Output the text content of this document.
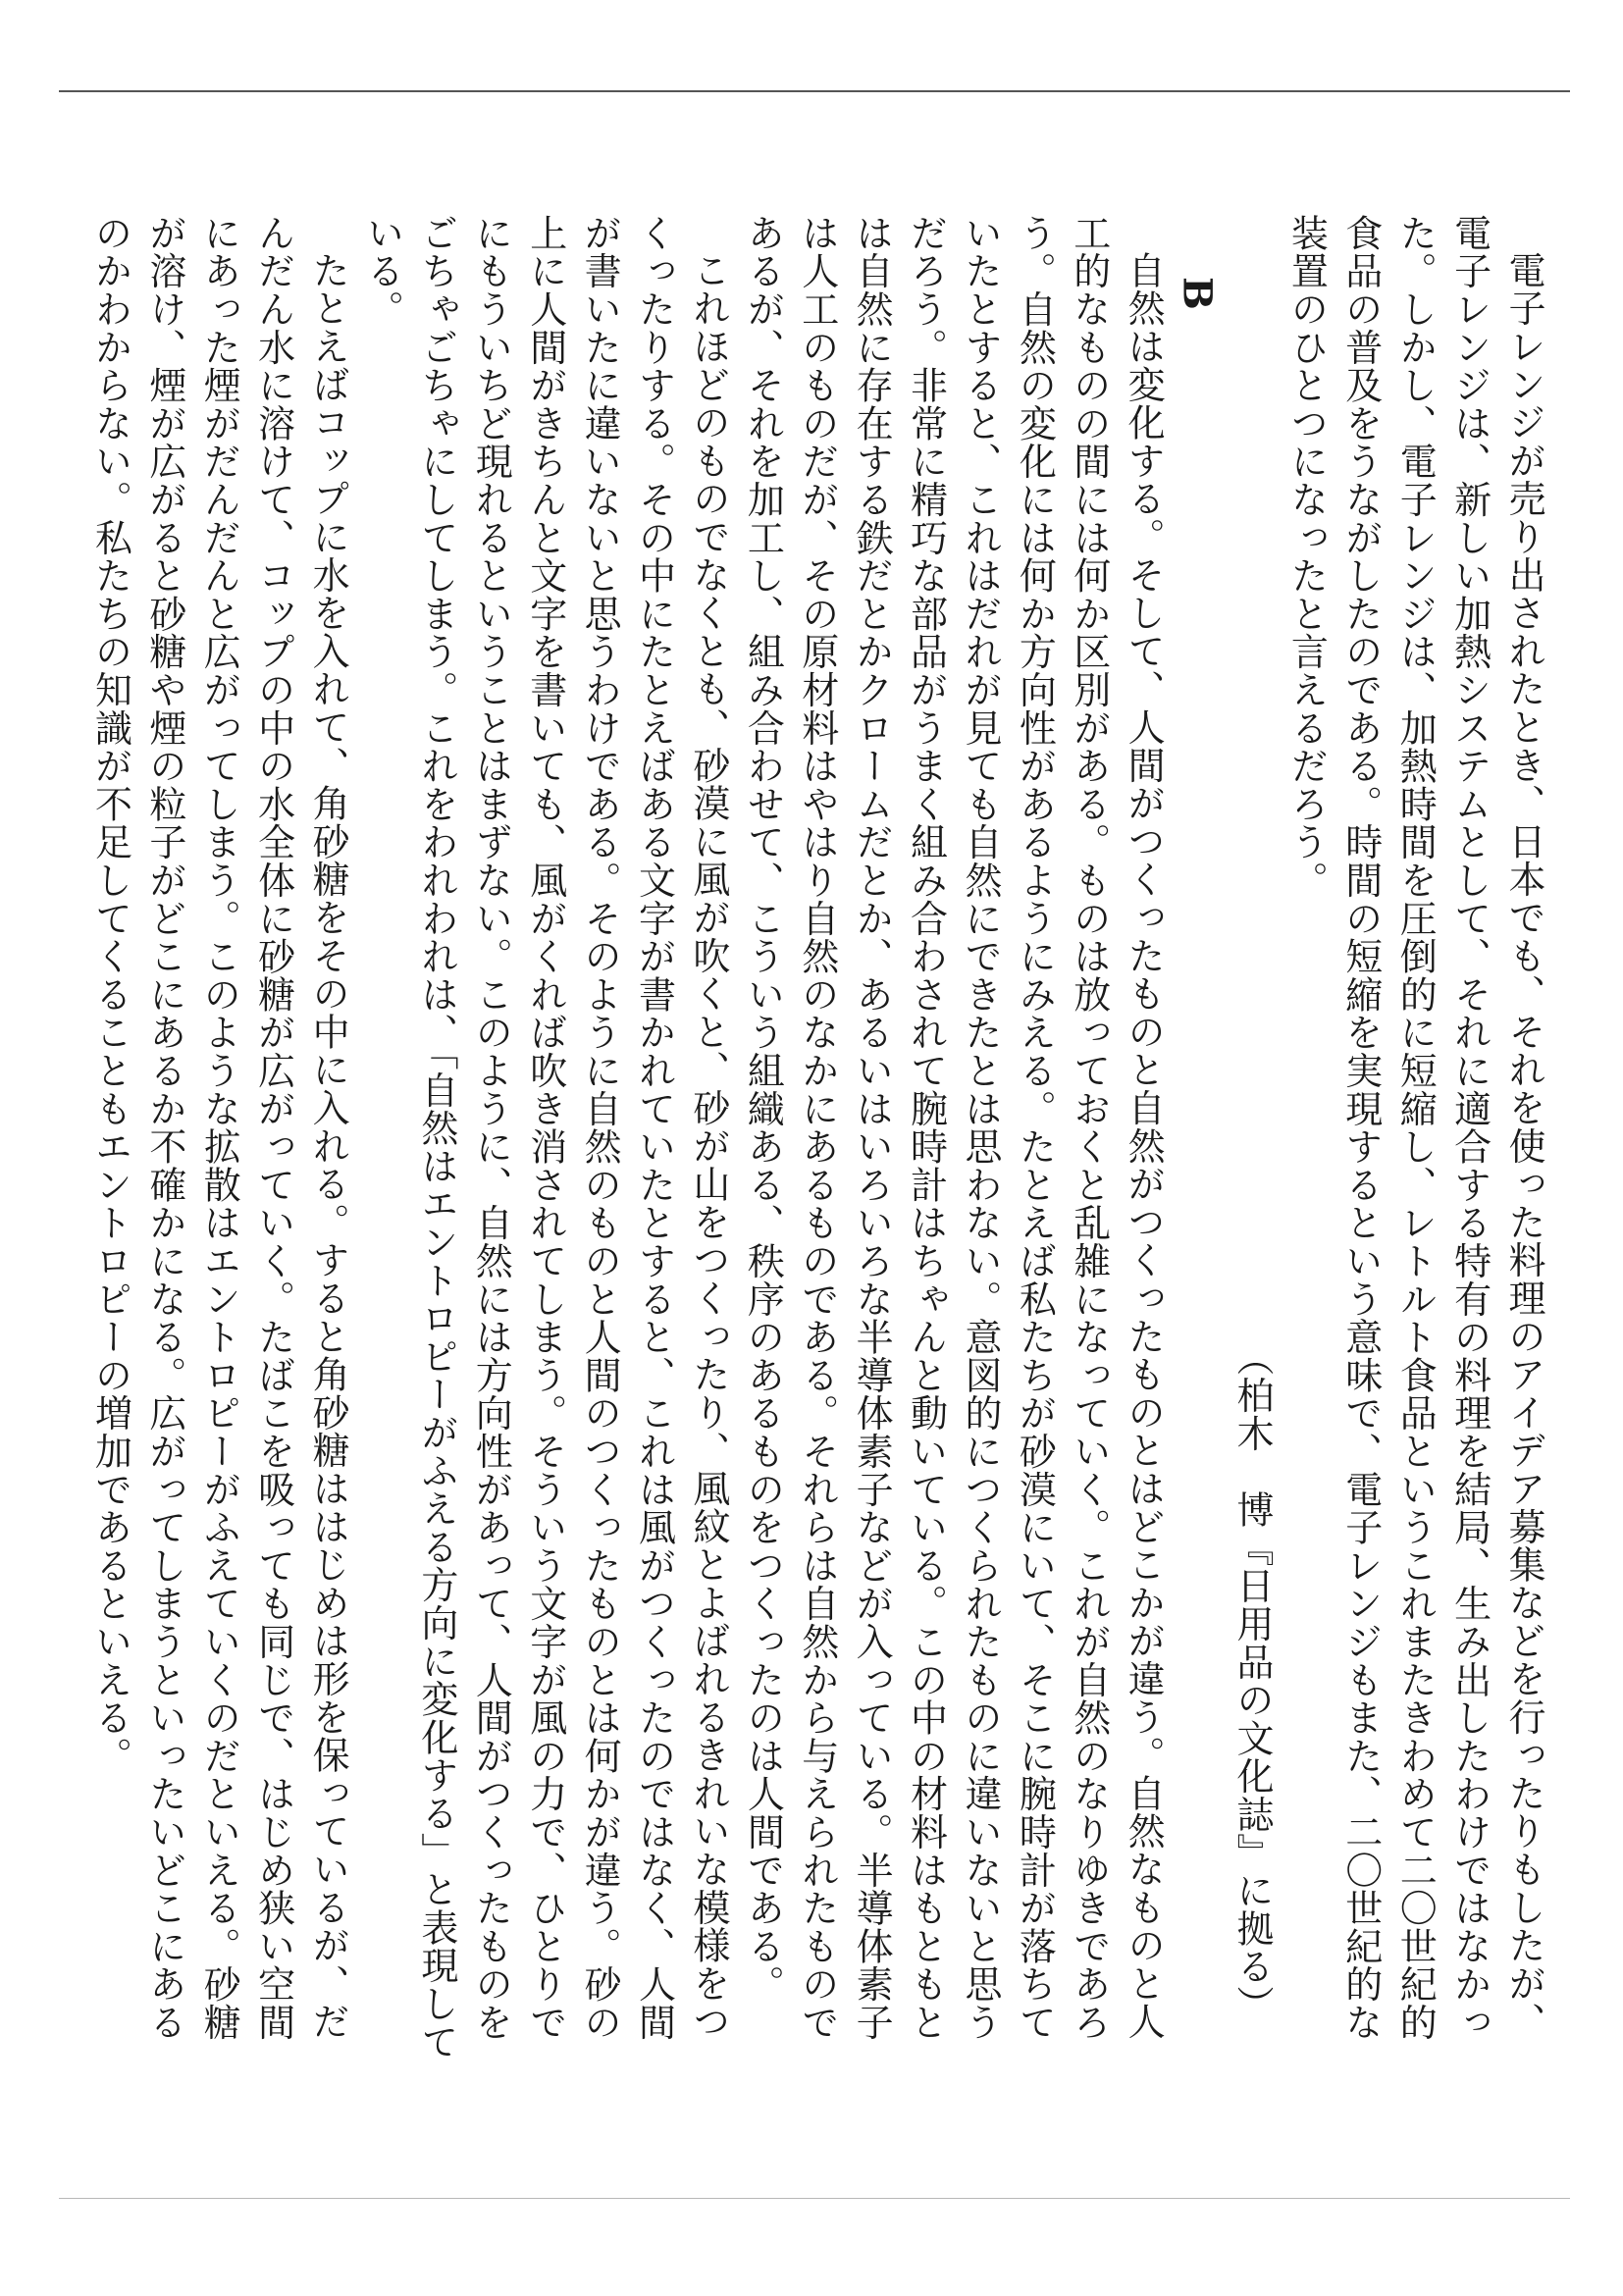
電子レンジが売り出されたとき、日本でも、それを使った料理のアイデア募集などを行ったりもしたが、電子レンジは、新しい加熱システムとして、それに適合する特有の料理を結局、生み出したわけではなかった。しかし、電子レンジは、加熱時間を圧倒的に短縮し、レトルト食品というこれまたきわめて二〇世紀的食品の普及をうながしたのである。時間の短縮を実現するという意味で、電子レンジもまた、二〇世紀的な装置のひとつになったと言えるだろう。

（柏木　博『日用品の文化誌』に拠る）

B

自然は変化する。そして、人間がつくったものと自然がつくったものとはどこかが違う。自然なものと人工的なものの間には何か区別がある。ものは放っておくと乱雑になっていく。これが自然のなりゆきであろう。自然の変化には何か方向性があるようにみえる。たとえば私たちが砂漠にいて、そこに腕時計が落ちていたとすると、これはだれが見ても自然にできたとは思わない。意図的につくられたものに違いないと思うだろう。非常に精巧な部品がうまく組み合わされて腕時計はちゃんと動いている。この中の材料はもともとは自然に存在する鉄だとかクロームだとか、あるいはいろいろな半導体素子などが入っている。半導体素子は人工のものだが、その原材料はやはり自然のなかにあるものである。それらは自然から与えられたものであるが、それを加工し、組み合わせて、こういう組織ある、秩序のあるものをつくったのは人間である。

これほどのものでなくとも、砂漠に風が吹くと、砂が山をつくったり、風紋とよばれるきれいな模様をつくったりする。その中にたとえばある文字が書かれていたとすると、これは風がつくったのではなく、人間が書いたに違いないと思うわけである。そのように自然のものと人間のつくったものとは何かが違う。砂の上に人間がきちんと文字を書いても、風がくれば吹き消されてしまう。そういう文字が風の力で、ひとりでにもういちど現れるということはまずない。このように、自然には方向性があって、人間がつくったものをごちゃごちゃにしてしまう。これをわれわれは、「自然はエントロピーがふえる方向に変化する」と表現している。

たとえばコップに水を入れて、角砂糖をその中に入れる。すると角砂糖ははじめは形を保っているが、だんだん水に溶けて、コップの中の水全体に砂糖が広がっていく。たばこを吸っても同じで、はじめ狭い空間にあった煙がだんだんと広がってしまう。このような拡散はエントロピーがふえていくのだといえる。砂糖が溶け、煙が広がると砂糖や煙の粒子がどこにあるか不確かになる。広がってしまうといったいどこにあるのかわからない。私たちの知識が不足してくることもエントロピーの増加であるといえる。
